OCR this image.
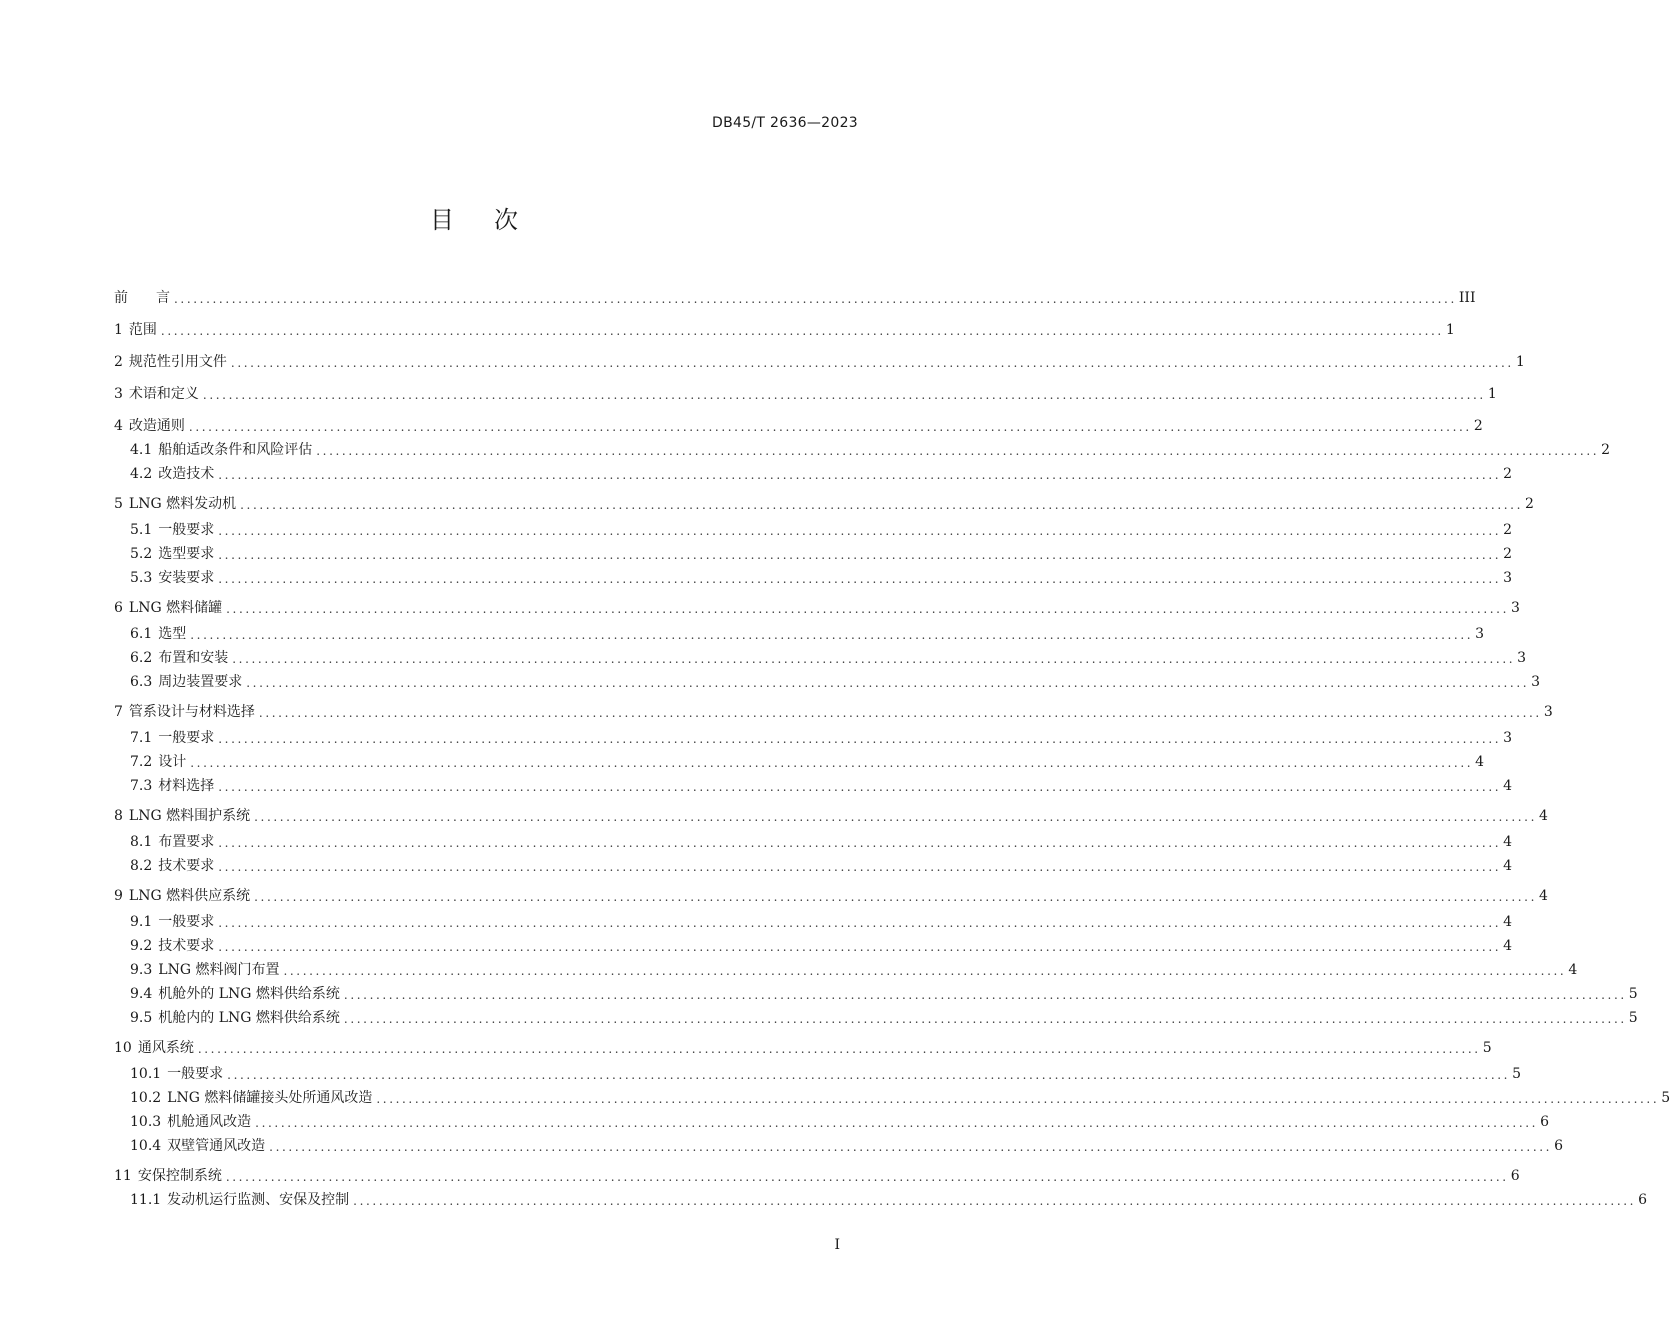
DB45/T 2636—2023
目 次
前　　言 ........................................................................................................................................................................................................ III
1 范围 ........................................................................................................................................................................................................ 1
2 规范性引用文件 ........................................................................................................................................................................................................ 1
3 术语和定义 ........................................................................................................................................................................................................ 1
4 改造通则 ........................................................................................................................................................................................................ 2
4.1 船舶适改条件和风险评估 ........................................................................................................................................................................................................ 2
4.2 改造技术 ........................................................................................................................................................................................................ 2
5 LNG 燃料发动机 ........................................................................................................................................................................................................ 2
5.1 一般要求 ........................................................................................................................................................................................................ 2
5.2 选型要求 ........................................................................................................................................................................................................ 2
5.3 安装要求 ........................................................................................................................................................................................................ 3
6 LNG 燃料储罐 ........................................................................................................................................................................................................ 3
6.1 选型 ........................................................................................................................................................................................................ 3
6.2 布置和安装 ........................................................................................................................................................................................................ 3
6.3 周边装置要求 ........................................................................................................................................................................................................ 3
7 管系设计与材料选择 ........................................................................................................................................................................................................ 3
7.1 一般要求 ........................................................................................................................................................................................................ 3
7.2 设计 ........................................................................................................................................................................................................ 4
7.3 材料选择 ........................................................................................................................................................................................................ 4
8 LNG 燃料围护系统 ........................................................................................................................................................................................................ 4
8.1 布置要求 ........................................................................................................................................................................................................ 4
8.2 技术要求 ........................................................................................................................................................................................................ 4
9 LNG 燃料供应系统 ........................................................................................................................................................................................................ 4
9.1 一般要求 ........................................................................................................................................................................................................ 4
9.2 技术要求 ........................................................................................................................................................................................................ 4
9.3 LNG 燃料阀门布置 ........................................................................................................................................................................................................ 4
9.4 机舱外的 LNG 燃料供给系统 ........................................................................................................................................................................................................ 5
9.5 机舱内的 LNG 燃料供给系统 ........................................................................................................................................................................................................ 5
10 通风系统 ........................................................................................................................................................................................................ 5
10.1 一般要求 ........................................................................................................................................................................................................ 5
10.2 LNG 燃料储罐接头处所通风改造 ........................................................................................................................................................................................................ 5
10.3 机舱通风改造 ........................................................................................................................................................................................................ 6
10.4 双壁管通风改造 ........................................................................................................................................................................................................ 6
11 安保控制系统 ........................................................................................................................................................................................................ 6
11.1 发动机运行监测、安保及控制 ........................................................................................................................................................................................................ 6
I
